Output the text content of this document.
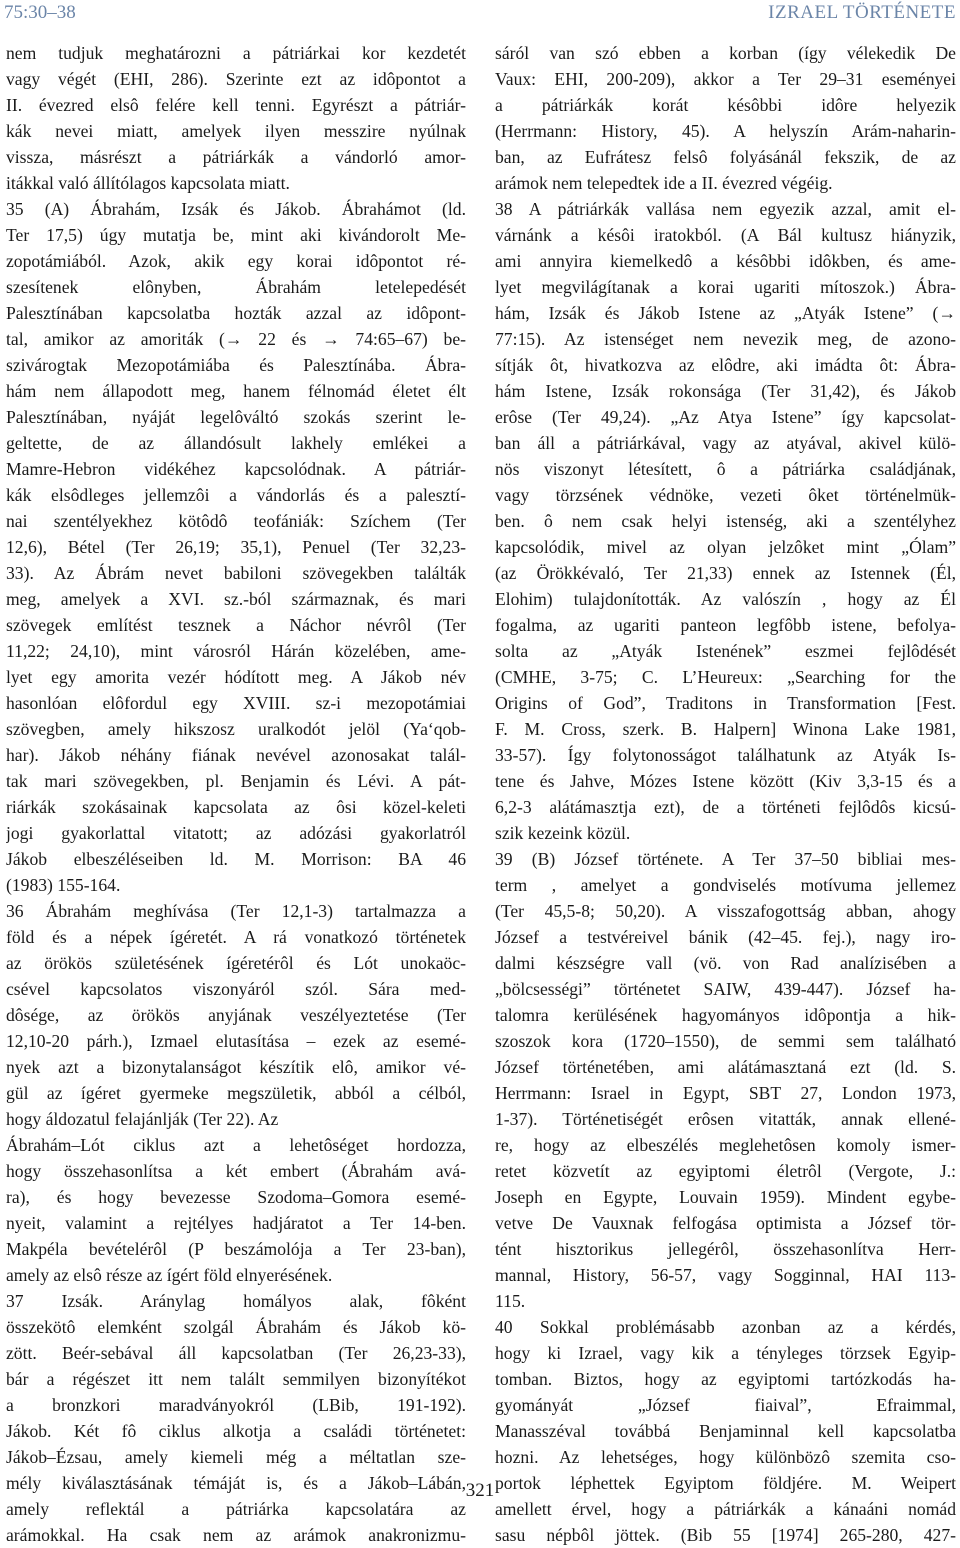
75:30–38	IZRAEL TÖRTÉNETE
nem tudjuk meghatározni a pátriárkai kor kezdetét
vagy végét (EHI, 286). Szerinte ezt az idôpontot a
II. évezred elsô felére kell tenni. Egyrészt a pátriár-
kák nevei miatt, amelyek ilyen messzire nyúlnak
vissza, másrészt a pátriárkák a vándorló amor-
itákkal való állítólagos kapcsolata miatt.
35 (A) Ábrahám, Izsák és Jákob. Ábrahámot (ld.
Ter 17,5) úgy mutatja be, mint aki kivándorolt Me-
zopotámiából. Azok, akik egy korai idôpontot ré-
szesítenek elônyben, Ábrahám letelepedését
Palesztínában kapcsolatba hozták azzal az idôpont-
tal, amikor az amoriták (→ 22 és → 74:65–67) be-
szivárogtak Mezopotámiába és Palesztínába. Ábra-
hám nem állapodott meg, hanem félnomád életet élt
Palesztínában, nyáját legelôváltó szokás szerint le-
geltette, de az állandósult lakhely emlékei a
Mamre-Hebron vidékéhez kapcsolódnak. A pátriár-
kák elsôdleges jellemzôi a vándorlás és a palesztí-
nai szentélyekhez kötôdô teofániák: Szíchem (Ter
12,6), Bétel (Ter 26,19; 35,1), Penuel (Ter 32,23-
33). Az Ábrám nevet babiloni szövegekben találták
meg, amelyek a XVI. sz.-ból származnak, és mari
szövegek említést tesznek a Náchor névrôl (Ter
11,22; 24,10), mint városról Hárán közelében, ame-
lyet egy amorita vezér hódított meg. A Jákob név
hasonlóan elôfordul egy XVIII. sz-i mezopotámiai
szövegben, amely hikszosz uralkodót jelöl (Ya‘qob-
har). Jákob néhány fiának nevével azonosakat talál-
tak mari szövegekben, pl. Benjamin és Lévi. A pát-
riárkák szokásainak kapcsolata az ôsi közel-keleti
jogi gyakorlattal vitatott; az adózási gyakorlatról
Jákob elbeszéléseiben ld. M. Morrison: BA 46
(1983) 155-164.
36 Ábrahám meghívása (Ter 12,1-3) tartalmazza a
föld és a népek ígéretét. A rá vonatkozó történetek
az örökös születésének ígéretérôl és Lót unokaöc-
csével kapcsolatos viszonyáról szól. Sára med-
dôsége, az örökös anyjának veszélyeztetése (Ter
12,10-20 párh.), Izmael elutasítása – ezek az esemé-
nyek azt a bizonytalanságot készítik elô, amikor vé-
gül az ígéret gyermeke megszületik, abból a célból,
hogy áldozatul felajánlják (Ter 22). Az
Ábrahám–Lót ciklus azt a lehetôséget hordozza,
hogy összehasonlítsa a két embert (Ábrahám avá-
ra), és hogy bevezesse Szodoma–Gomora esemé-
nyeit, valamint a rejtélyes hadjáratot a Ter 14-ben.
Makpéla bevételérôl (P beszámolója a Ter 23-ban),
amely az elsô része az ígért föld elnyerésének.
37 Izsák. Aránylag homályos alak, fôként
összekötô elemként szolgál Ábrahám és Jákob kö-
zött. Beér-sebával áll kapcsolatban (Ter 26,23-33),
bár a régészet itt nem talált semmilyen bizonyítékot
a bronzkori maradványokról (LBib, 191-192).
Jákob. Két fô ciklus alkotja a családi történetet:
Jákob–Ézsau, amely kiemeli még a méltatlan sze-
mély kiválasztásának témáját is, és a Jákob–Lábán,
amely reflektál a pátriárka kapcsolatára az
arámokkal. Ha csak nem az arámok anakronizmu-
sáról van szó ebben a korban (így vélekedik De
Vaux: EHI, 200-209), akkor a Ter 29–31 eseményei
a pátriárkák korát késôbbi idôre helyezik
(Herrmann: History, 45). A helyszín Arám-naharin-
ban, az Eufrátesz felsô folyásánál fekszik, de az
arámok nem telepedtek ide a II. évezred végéig.
38 A pátriárkák vallása nem egyezik azzal, amit el-
várnánk a késôi iratokból. (A Bál kultusz hiányzik,
ami annyira kiemelkedô a késôbbi idôkben, és ame-
lyet megvilágítanak a korai ugariti mítoszok.) Ábra-
hám, Izsák és Jákob Istene az „Atyák Istene” (→
77:15). Az istenséget nem nevezik meg, de azono-
sítják ôt, hivatkozva az elôdre, aki imádta ôt: Ábra-
hám Istene, Izsák rokonsága (Ter 31,42), és Jákob
erôse (Ter 49,24). „Az Atya Istene” így kapcsolat-
ban áll a pátriárkával, vagy az atyával, akivel külö-
nös viszonyt létesített, ô a pátriárka családjának,
vagy törzsének védnöke, vezeti ôket történelmük-
ben. ô nem csak helyi istenség, aki a szentélyhez
kapcsolódik, mivel az olyan jelzôket mint „Ólam”
(az Örökkévaló, Ter 21,33) ennek az Istennek (Él,
Elohim) tulajdonították. Az valószín , hogy az Él
fogalma, az ugariti panteon legfôbb istene, befolya-
solta az „Atyák Istenének” eszmei fejlôdését
(CMHE, 3-75; C. L’Heureux: „Searching for the
Origins of God”, Traditons in Transformation [Fest.
F. M. Cross, szerk. B. Halpern] Winona Lake 1981,
33-57). Így folytonosságot találhatunk az Atyák Is-
tene és Jahve, Mózes Istene között (Kiv 3,3-15 és a
6,2-3 alátámasztja ezt), de a történeti fejlôdôs kicsú-
szik kezeink közül.
39 (B) József története. A Ter 37–50 bibliai mes-
term , amelyet a gondviselés motívuma jellemez
(Ter 45,5-8; 50,20). A visszafogottság abban, ahogy
József a testvéreivel bánik (42–45. fej.), nagy iro-
dalmi készségre vall (vö. von Rad analízisében a
„bölcsességi” történetet SAIW, 439-447). József ha-
talomra kerülésének hagyományos idôpontja a hik-
szoszok kora (1720–1550), de semmi sem található
József történetében, ami alátámasztaná ezt (ld. S.
Herrmann: Israel in Egypt, SBT 27, London 1973,
1-37). Történetiségét erôsen vitatták, annak ellené-
re, hogy az elbeszélés meglehetôsen komoly ismer-
retet közvetít az egyiptomi életrôl (Vergote, J.:
Joseph en Egypte, Louvain 1959). Mindent egybe-
vetve De Vauxnak felfogása optimista a József tör-
tént hisztorikus jellegérôl, összehasonlítva Herr-
mannal, History, 56-57, vagy Sogginnal, HAI 113-
115.
40 Sokkal problémásabb azonban az a kérdés,
hogy ki Izrael, vagy kik a tényleges törzsek Egyip-
tomban. Biztos, hogy az egyiptomi tartózkodás ha-
gyományát „József fiaival”, Efraimmal,
Manasszéval továbbá Benjaminnal kell kapcsolatba
hozni. Az lehetséges, hogy különbözô szemita cso-
portok léphettek Egyiptom földjére. M. Weipert
amellett érvel, hogy a pátriárkák a kánaáni nomád
sasu népbôl jöttek. (Bib 55 [1974] 265-280, 427-
321
